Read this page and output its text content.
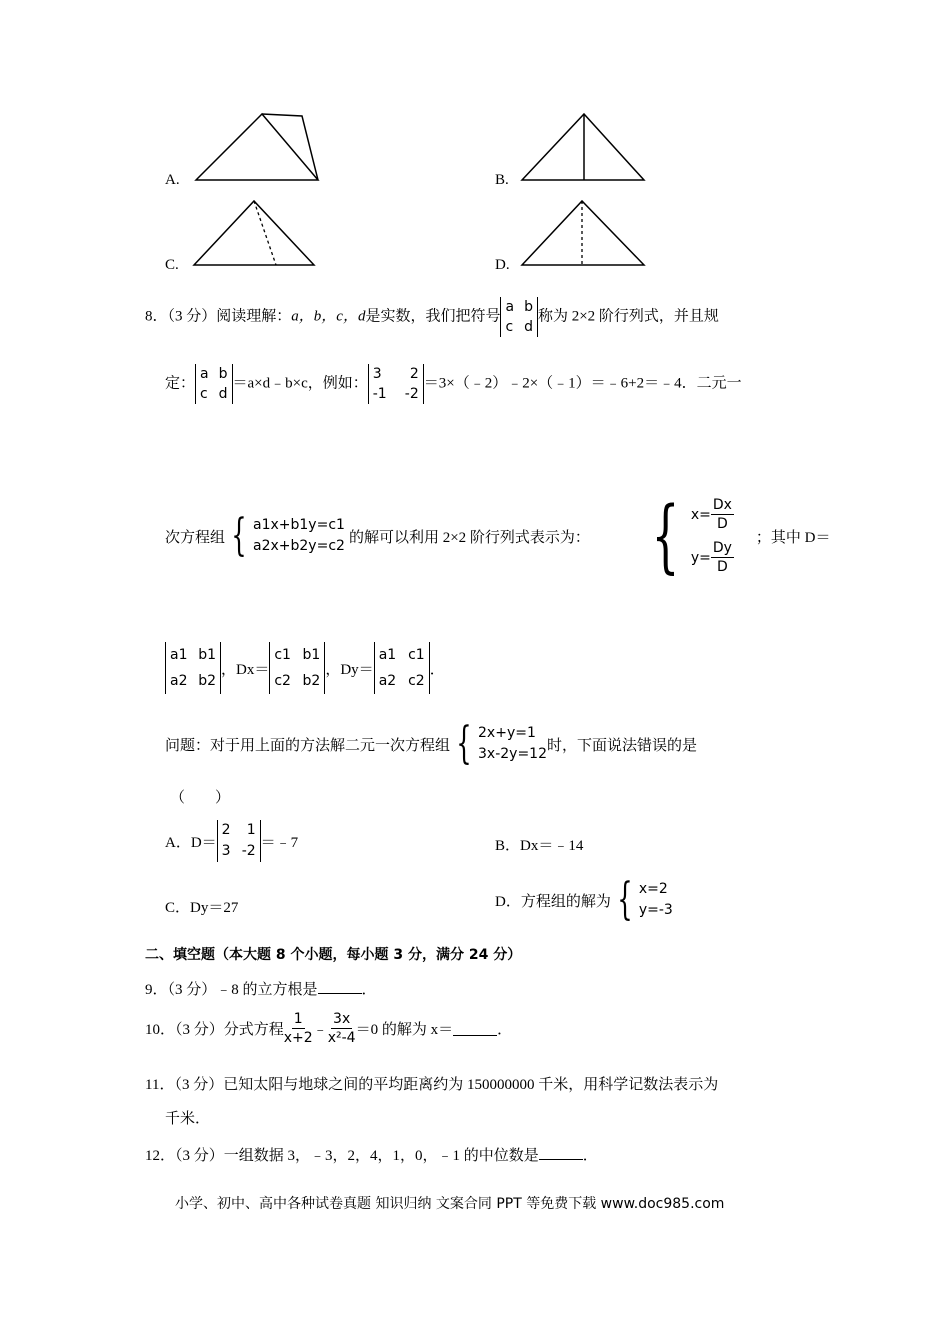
A.	B.
C.	D.
8．（3 分）阅读理解：a，b，c，d是实数，我们把符号
a b
c d
称为 2×2 阶行列式，并且规
定：
a b
c d
＝a×d﹣b×c，例如：
3 2
-1 -2
＝3×（﹣2）﹣2×（﹣1）＝﹣6+2＝﹣4．二元一
次方程组 { a1x+b1y=c1
a2x+b2y=c2
的解可以利用 2×2 阶行列式表示为： { $x= \frac{Dx}{D}$
$y= \frac{Dy}{D}$
；其中 D＝
a1 b1
a2 b2
，Dx＝
c1 b1
c2 b2
，Dy＝
a1 c1
a2 c2
．
问题：对于用上面的方法解二元一次方程组 { 2x+y=1
3x-2y=12
时，下面说法错误的是
（　　）
A．D＝
2 1
3 -2
＝﹣7	B．Dx＝﹣14
C．Dy＝27	D．方程组的解为 { x=2
y=-3
二、填空题（本大题 8 个小题，每小题 3 分，满分 24 分）
9．（3 分）﹣8 的立方根是	．
10．（3 分）分式方程 $\frac{1}{x+2}$ ﹣ $\frac{3x}{\text{x²-4}} =0$ 的解为 x＝	．
11．（3 分）已知太阳与地球之间的平均距离约为 150000000 千米，用科学记数法表示为
千米．
12．（3 分）一组数据 3，﹣3，2，4，1，0，﹣1 的中位数是	．
小学、初中、高中各种试卷真题 知识归纳 文案合同 PPT 等免费下载 www.doc985.com
